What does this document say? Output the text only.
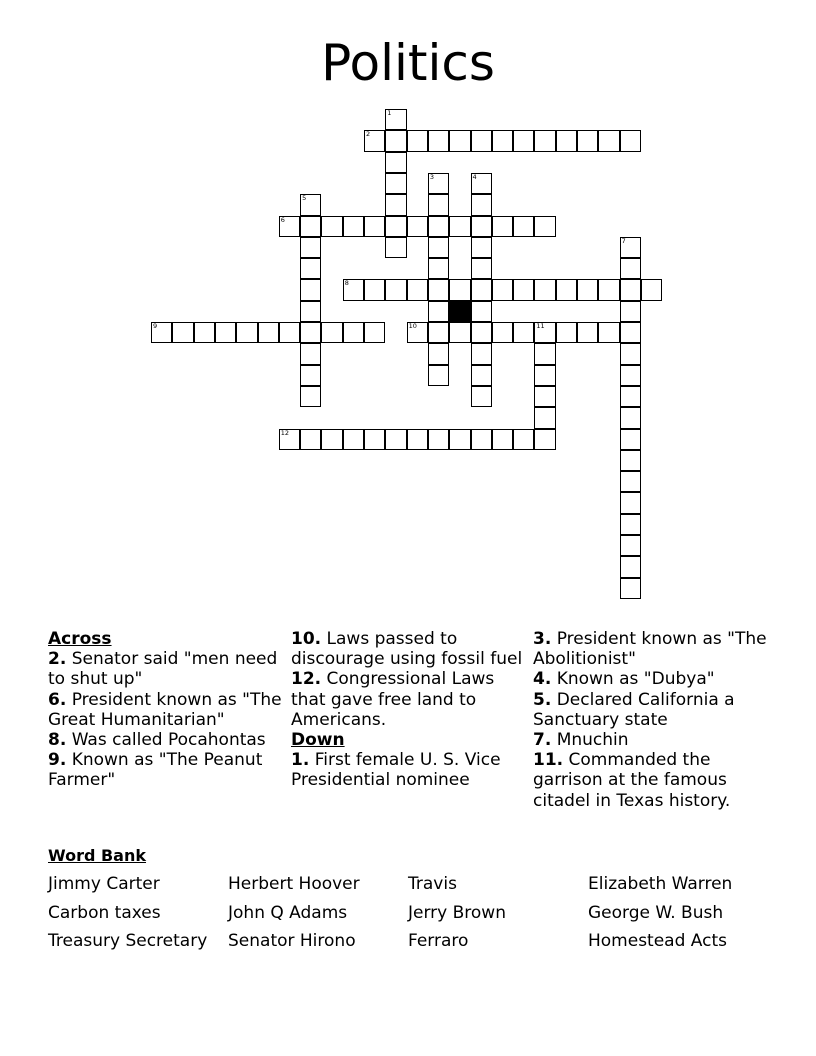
Politics
1
2
3	4
5
6
7
8
9	10	11
12
Across
2. Senator said "men need to shut up"
6. President known as "The Great Humanitarian"
8. Was called Pocahontas
9. Known as "The Peanut Farmer"
10. Laws passed to discourage using fossil fuel
12. Congressional Laws that gave free land to Americans.
Down
1. First female U. S. Vice Presidential nominee
3. President known as "The Abolitionist"
4. Known as "Dubya"
5. Declared California a Sanctuary state
7. Mnuchin
11. Commanded the garrison at the famous citadel in Texas history.
Word Bank
Jimmy Carter
Carbon taxes
Treasury Secretary
Herbert Hoover
John Q Adams
Senator Hirono
Travis
Jerry Brown
Ferraro
Elizabeth Warren
George W. Bush
Homestead Acts
